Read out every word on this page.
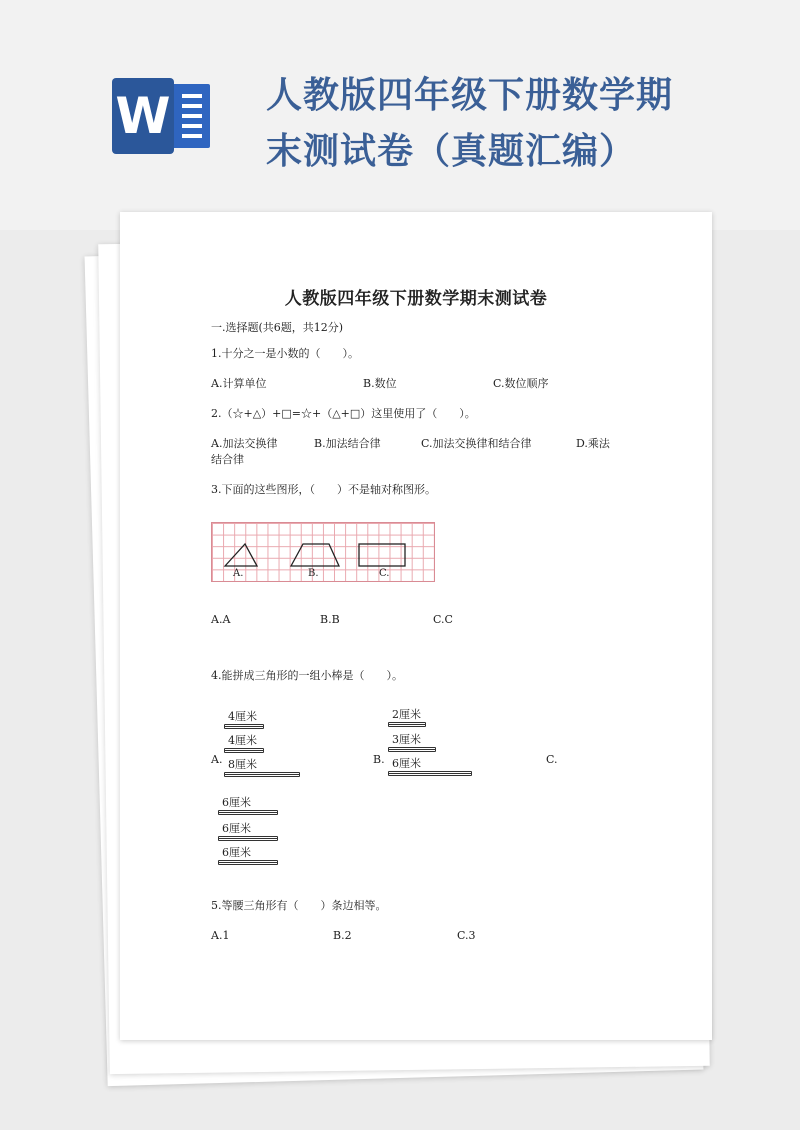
W	人教版四年级下册数学期末测试卷（真题汇编）
人教版四年级下册数学期末测试卷
一.选择题(共6题，共12分)
1.十分之一是小数的（　　）。
A.计算单位	B.数位	C.数位顺序
2.（☆+△）+□=☆+（△+□）这里使用了（　　）。
A.加法交换律	B.加法结合律	C.加法交换律和结合律	D.乘法
结合律
3.下面的这些图形，（　　）不是轴对称图形。
A.	B.	C.
A.A	B.B	C.C
4.能拼成三角形的一组小棒是（　　）。
A.
4厘米
4厘米
8厘米	B.
2厘米
3厘米
6厘米	C.
6厘米
6厘米
6厘米
5.等腰三角形有（　　）条边相等。
A.1	B.2	C.3
